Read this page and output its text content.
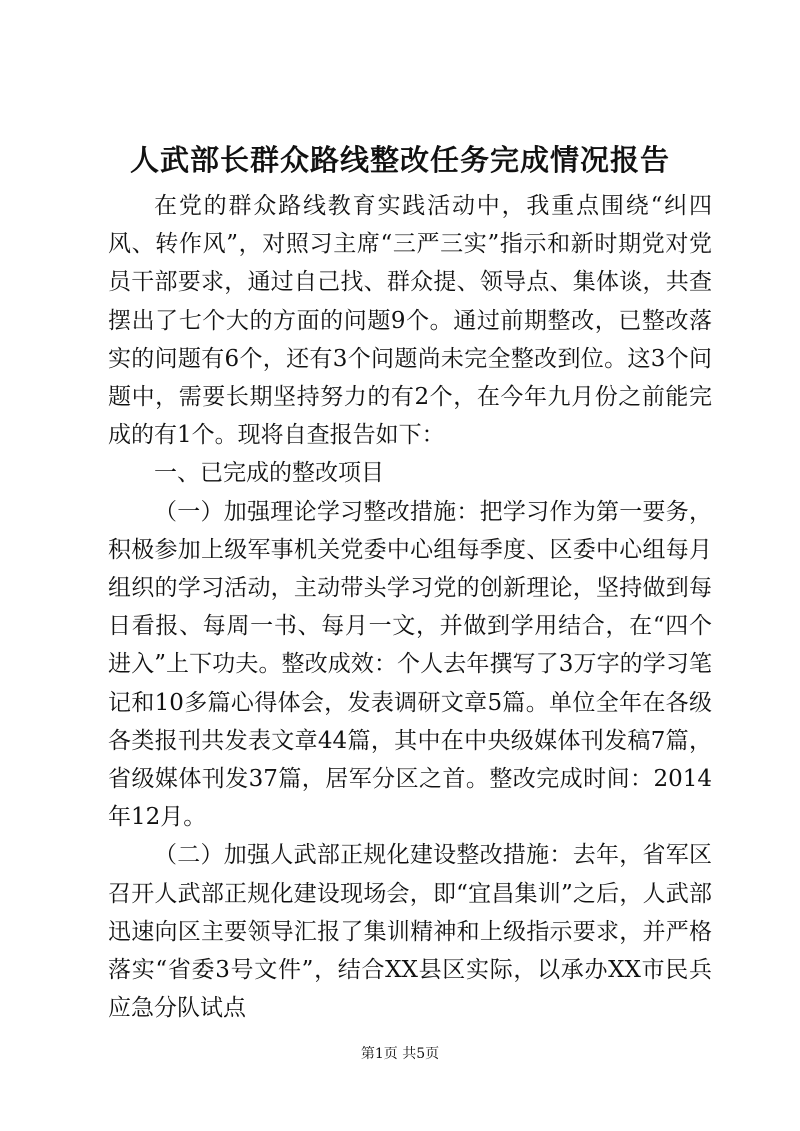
人武部长群众路线整改任务完成情况报告

在党的群众路线教育实践活动中，我重点围绕“纠四风、转作风”，对照习主席“三严三实”指示和新时期党对党员干部要求，通过自己找、群众提、领导点、集体谈，共查摆出了七个大的方面的问题9个。通过前期整改，已整改落实的问题有6个，还有3个问题尚未完全整改到位。这3个问题中，需要长期坚持努力的有2个，在今年九月份之前能完成的有1个。现将自查报告如下：

一、已完成的整改项目

（一）加强理论学习整改措施：把学习作为第一要务，积极参加上级军事机关党委中心组每季度、区委中心组每月组织的学习活动，主动带头学习党的创新理论，坚持做到每日看报、每周一书、每月一文，并做到学用结合，在“四个进入”上下功夫。整改成效：个人去年撰写了3万字的学习笔记和10多篇心得体会，发表调研文章5篇。单位全年在各级各类报刊共发表文章44篇，其中在中央级媒体刊发稿7篇，省级媒体刊发37篇，居军分区之首。整改完成时间：2014年12月。

（二）加强人武部正规化建设整改措施：去年，省军区召开人武部正规化建设现场会，即“宜昌集训”之后，人武部迅速向区主要领导汇报了集训精神和上级指示要求，并严格落实“省委3号文件”，结合XX县区实际，以承办XX市民兵应急分队试点

第1页 共5页
